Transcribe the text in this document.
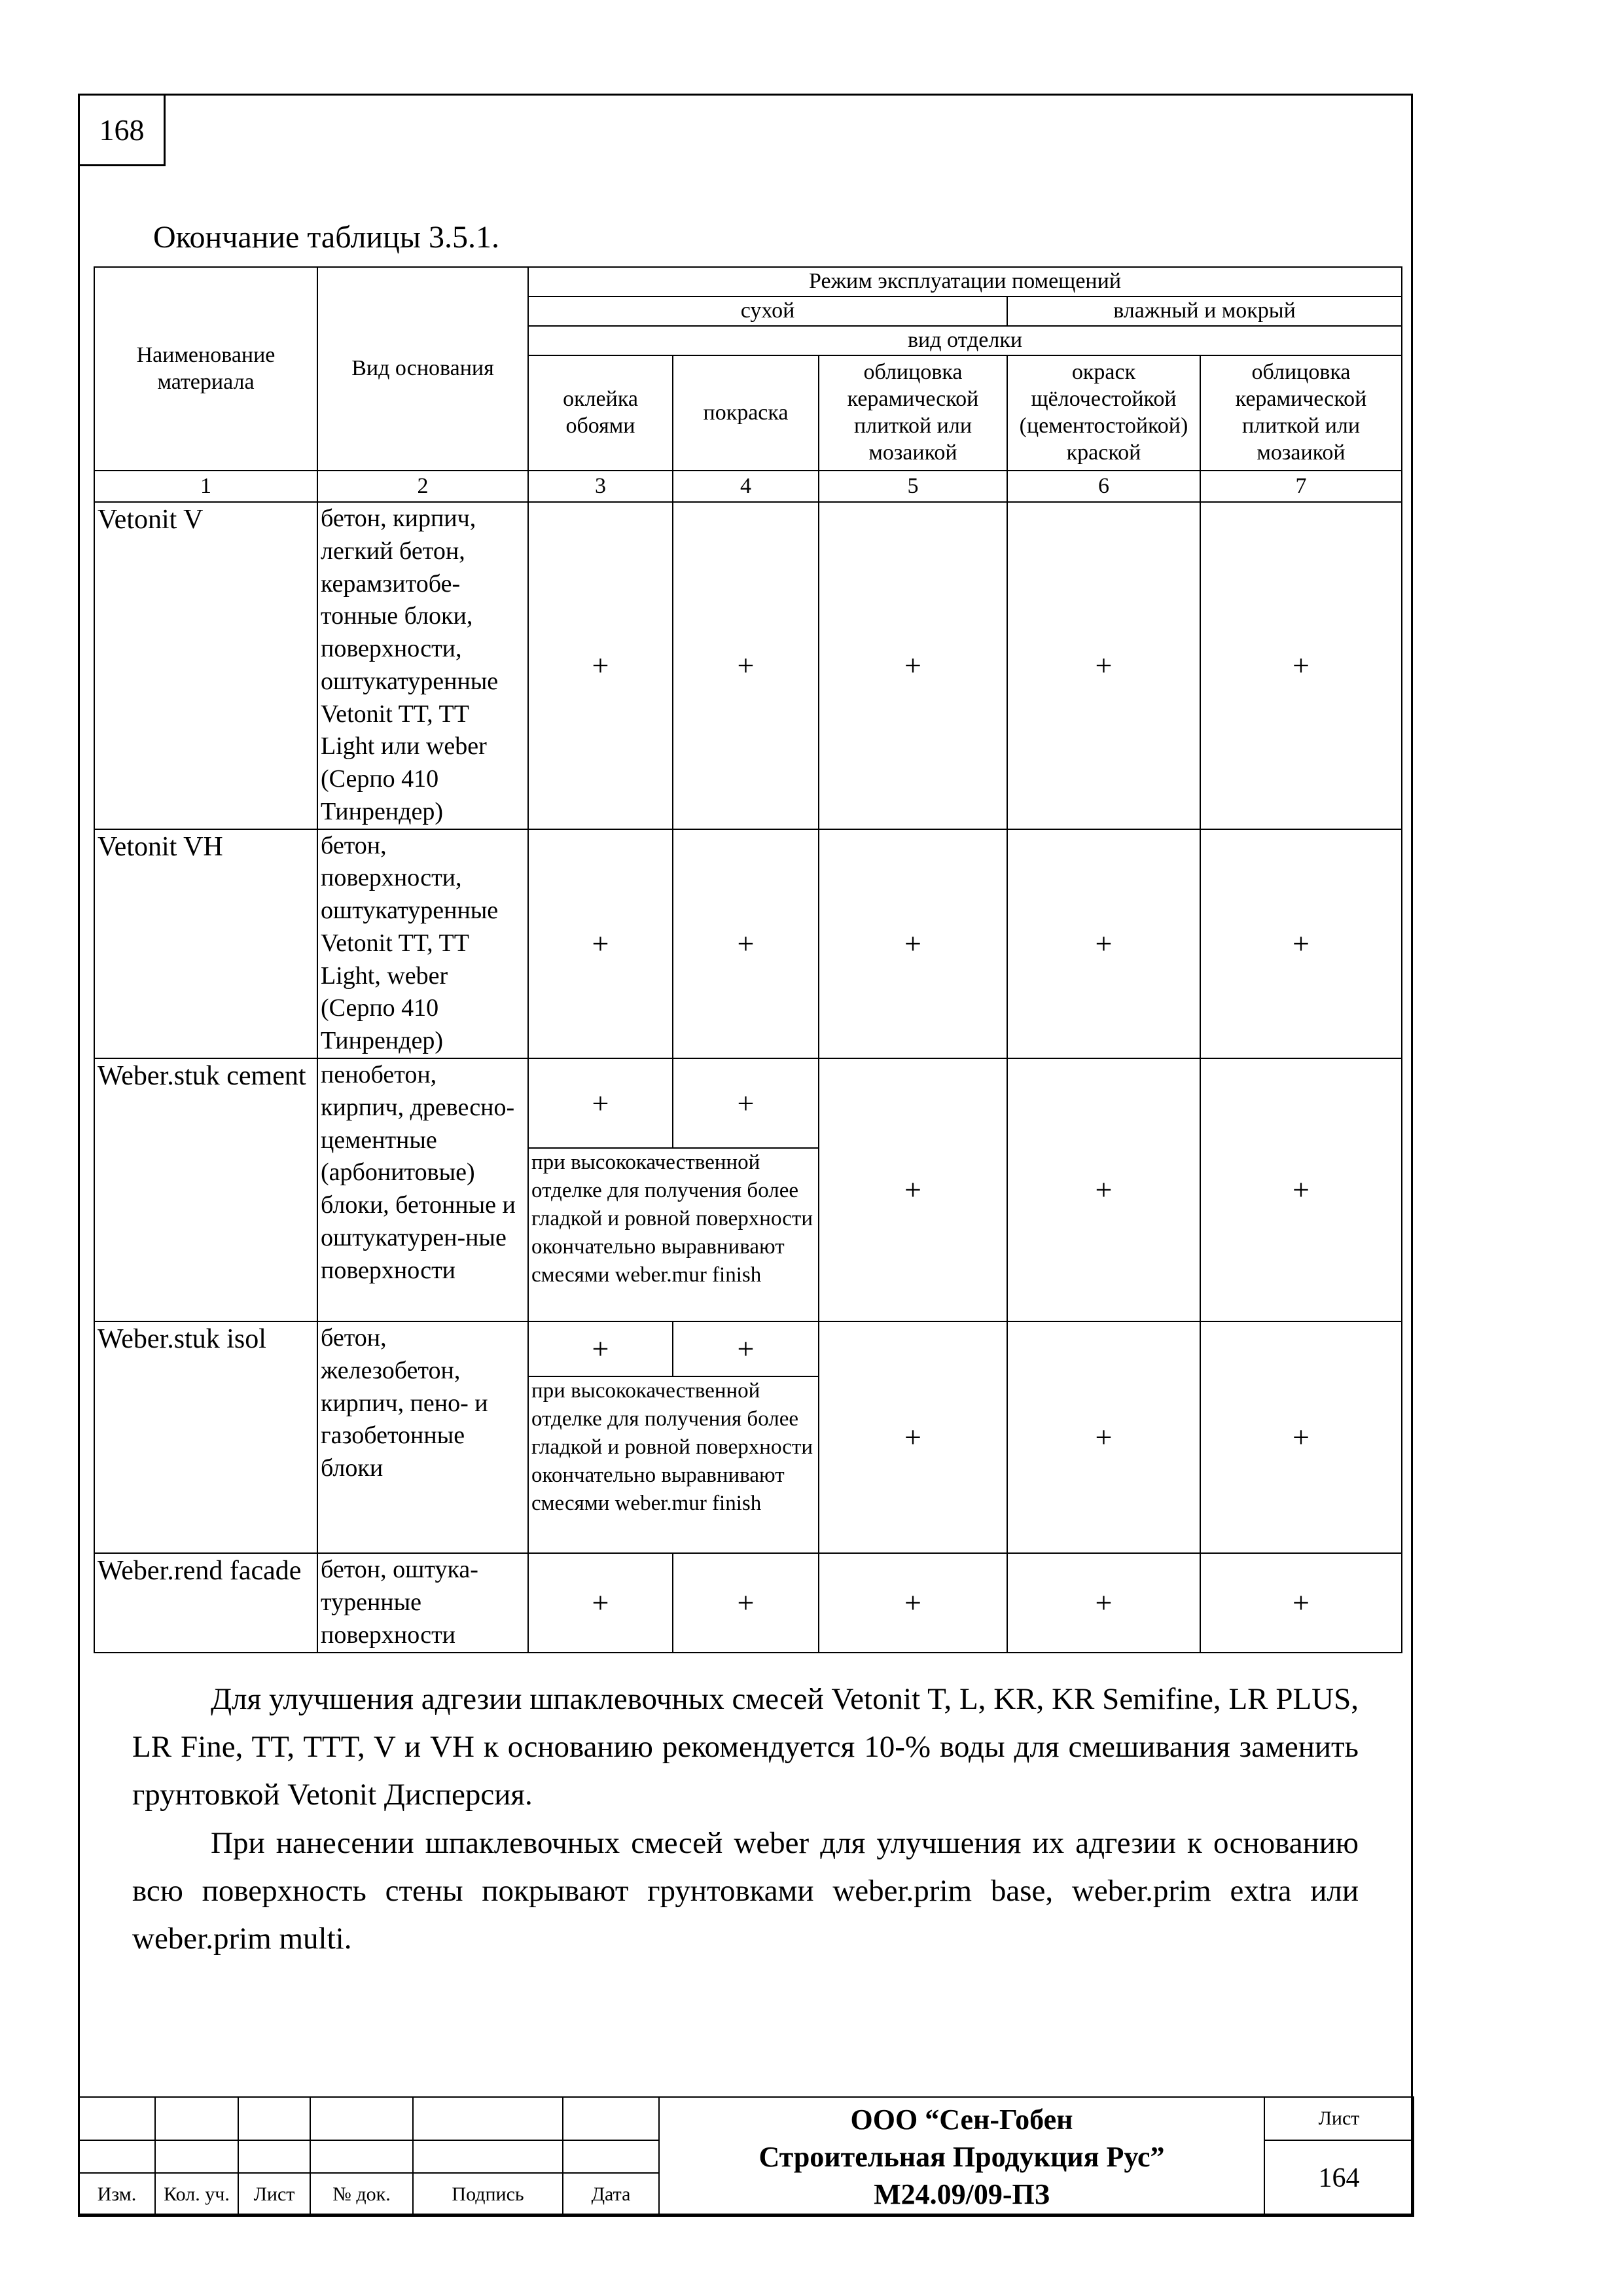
168
Окончание таблицы 3.5.1.
Наименование материала	Вид основания	Режим эксплуатации помещений				
		сухой			влажный и мокрый	
		вид отделки				
		оклейка обоями	покраска	облицовка керамической плиткой или мозаикой	окраск щёлочестойкой (цементостойкой) краской	облицовка керамической плиткой или мозаикой
1	2	3	4	5	6	7
Vetonit V	бетон, кирпич, легкий бетон, керамзитобе-тонные блоки, поверхности, оштукатуренные Vetonit TT, TT Light или weber (Серпо 410 Тинрендер)	+	+	+	+	+
Vetonit VH	бетон, поверхности, оштукатуренные Vetonit TT, TT Light, weber (Серпо 410 Тинрендер)	+	+	+	+	+
Weber.stuk cement	пенобетон, кирпич, древесно-цементные (арбонитовые) блоки, бетонные и оштукатурен-ные поверхности	+	+	+	+	+
		при высококачественной отделке для получения более гладкой и ровной поверхности окончательно выравнивают смесями weber.mur finish				
Weber.stuk isol	бетон, железобетон, кирпич, пено- и газобетонные блоки	+	+	+	+	+
		при высококачественной отделке для получения более гладкой и ровной поверхности окончательно выравнивают смесями weber.mur finish				
Weber.rend facade	бетон, оштука-туренные поверхности	+	+	+	+	+

Для улучшения адгезии шпаклевочных смесей Vetonit T, L, KR, KR Semifine, LR PLUS, LR Fine, TT, TTT, V и VH к основанию рекомендуется 10-% воды для смешивания заменить грунтовкой Vetonit Дисперсия.

При нанесении шпаклевочных смесей weber для улучшения их адгезии к основанию всю поверхность стены покрывают грунтовками weber.prim base, weber.prim extra или weber.prim multi.

						ООО “Сен-Гобен
Строительная Продукция Рус”
М24.09/09-ПЗ	Лист
							164
Изм.	Кол. уч.	Лист	№ док.	Подпись	Дата		
